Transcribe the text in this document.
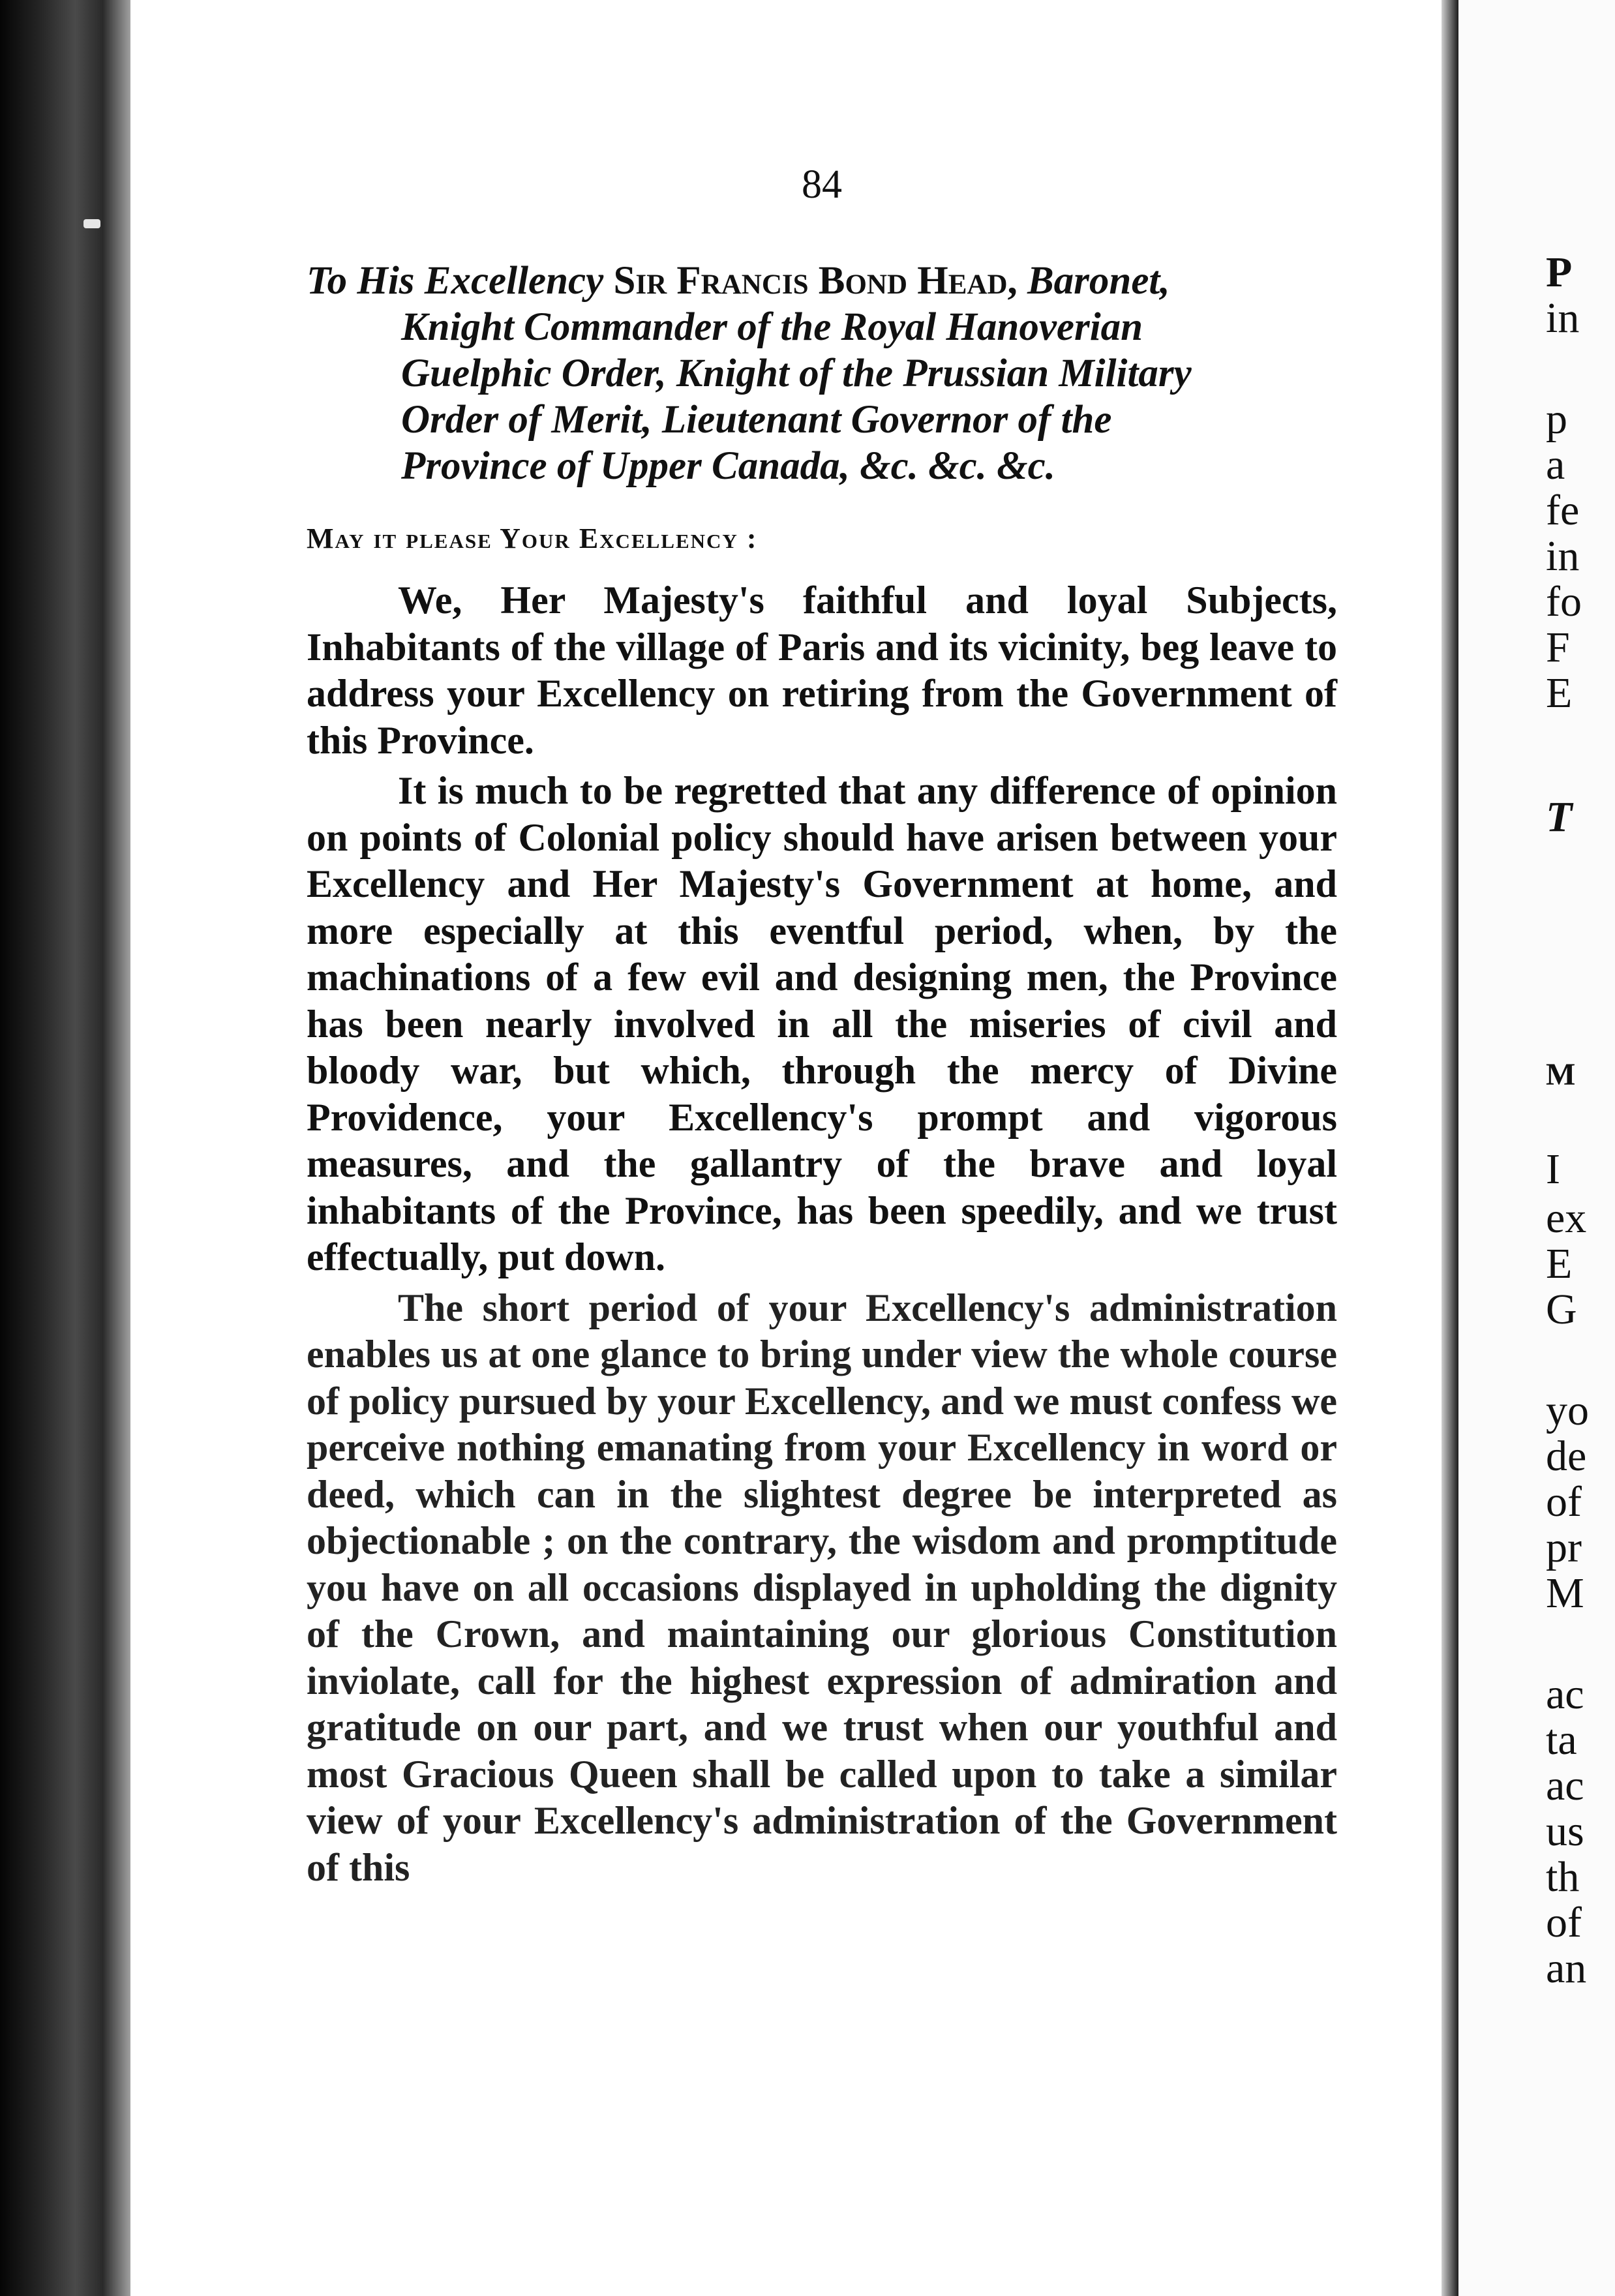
P
in
p
a
fe
in
fo
F
E
T
M
I
ex
E
G
yo
de
of
pr
M
ac
ta
ac
us
th
of
an
84
To His Excellency Sir Francis Bond Head, Baronet,
Knight Commander of the Royal Hanoverian
Guelphic Order, Knight of the Prussian Military
Order of Merit, Lieutenant Governor of the
Province of Upper Canada, &c. &c. &c.
May it please Your Excellency :

We, Her Majesty's faithful and loyal Subjects, Inhabitants of the village of Paris and its vicinity, beg leave to address your Excellency on retiring from the Government of this Province.

It is much to be regretted that any difference of opinion on points of Colonial policy should have arisen between your Excellency and Her Majesty's Government at home, and more especially at this eventful period, when, by the machinations of a few evil and designing men, the Province has been nearly involved in all the miseries of civil and bloody war, but which, through the mercy of Divine Providence, your Excellency's prompt and vigorous measures, and the gallantry of the brave and loyal inhabitants of the Province, has been speedily, and we trust effectually, put down.

The short period of your Excellency's administration enables us at one glance to bring under view the whole course of policy pursued by your Excellency, and we must confess we perceive nothing emanating from your Excellency in word or deed, which can in the slightest degree be interpreted as objectionable ; on the contrary, the wisdom and promptitude you have on all occasions displayed in upholding the dignity of the Crown, and maintaining our glorious Constitution inviolate, call for the highest expression of admiration and gratitude on our part, and we trust when our youthful and most Gracious Queen shall be called upon to take a similar view of your Excellency's administration of the Government of this
